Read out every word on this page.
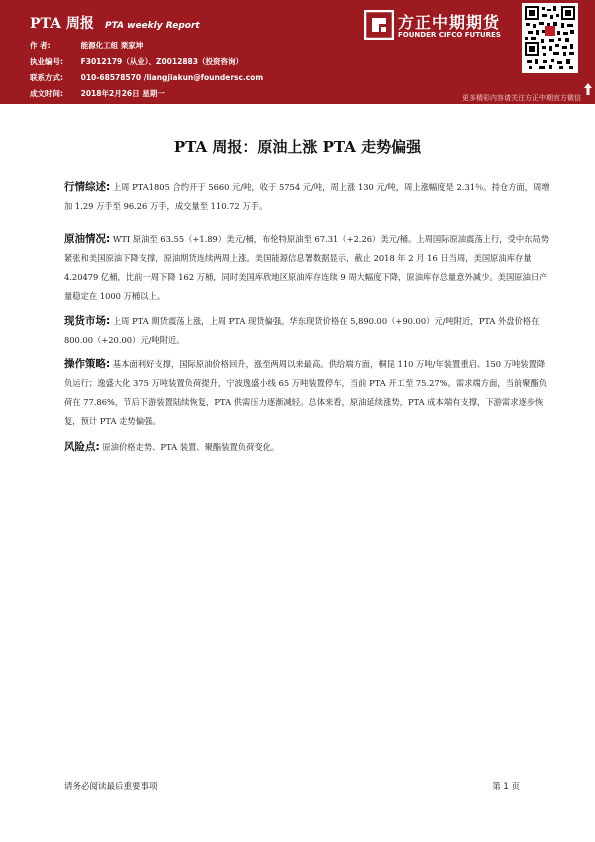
PTA 周报 PTA weekly Report
作 者:	能源化工组 栗家坤
执业编号: F3012179（从业）、Z0012883（投资咨询）
联系方式: 010-68578570 /liangjiakun@foundersc.com
成文时间: 2018年2月26日 星期一
方正中期期货
FOUNDER CIFCO FUTURES
更多精彩内容请关注方正中期官方微信
PTA 周报：原油上涨 PTA 走势偏强
行情综述: 上周 PTA1805 合约开于 5660 元/吨，收于 5754 元/吨，周上涨 130 元/吨，周上涨幅度是 2.31％。持仓方面，周增加 1.29 万手至 96.26 万手，成交量至 110.72 万手。
原油情况: WTI 原油至 63.55（+1.89）美元/桶，布伦特原油至 67.31（+2.26）美元/桶。上周国际原油震荡上行，受中东局势紧张和美国原油下降支撑，原油期货连续两周上涨。美国能源信息署数据显示，截止 2018 年 2 月 16 日当周，美国原油库存量 4.20479 亿桶，比前一周下降 162 万桶，同时美国库欣地区原油库存连续 9 周大幅度下降，原油库存总量意外减少。美国原油日产量稳定在 1000 万桶以上。
现货市场: 上周 PTA 期货震荡上涨，上周 PTA 现货偏强。华东现货价格在 5,890.00（+90.00）元/吨附近，PTA 外盘价格在 800.00（+20.00）元/吨附近。
操作策略: 基本面利好支撑，国际原油价格回升，涨至两周以来最高。供给端方面，桐昆 110 万吨/年装置重启、150 万吨装置降负运行；逸盛大化 375 万吨装置负荷提升，宁波逸盛小线 65 万吨装置停车，当前 PTA 开工至 75.27%。需求端方面，当前聚酯负荷在 77.86%，节后下游装置陆续恢复，PTA 供需压力逐渐减轻。总体来看，原油延续涨势，PTA 成本端有支撑，下游需求逐步恢复，预计 PTA 走势偏强。
风险点: 原油价格走势、PTA 装置、聚酯装置负荷变化。
请务必阅读最后重要事项	第 1 页
